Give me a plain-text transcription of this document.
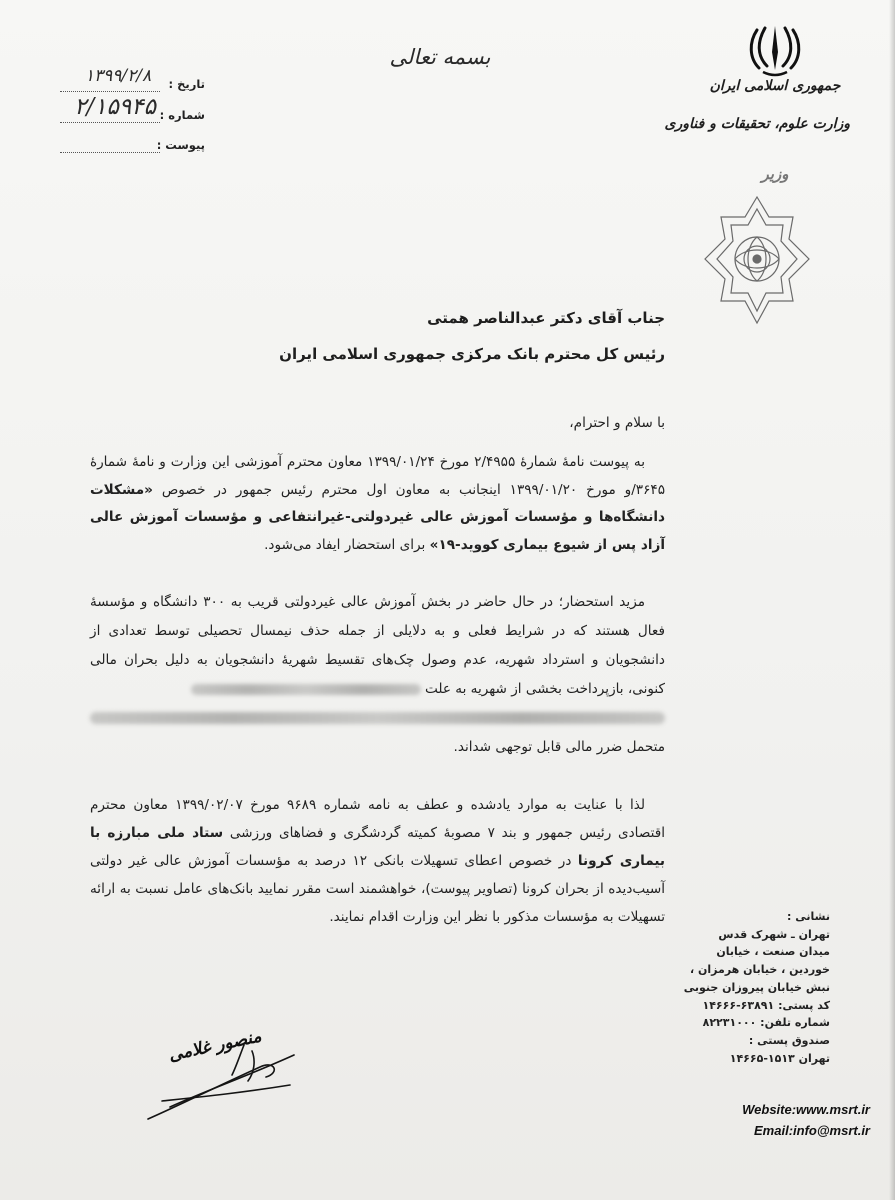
جمهوری اسلامی ایران
وزارت علوم، تحقیقات و فناوری
وزیر
بسمه تعالی
تاریخ :
۱۳۹۹/۲/۸
شماره :
۲/۱۵۹۴۵
پیوست :
جناب آقای دکتر عبدالناصر همتی
رئیس کل محترم بانک مرکزی جمهوری اسلامی ایران
با سلام و احترام،

به پیوست نامهٔ شمارهٔ ۲/۴۹۵۵ مورخ ۱۳۹۹/۰۱/۲۴ معاون محترم آموزشی این وزارت و نامهٔ شمارهٔ ۳۶۴۵/و مورخ ۱۳۹۹/۰۱/۲۰ اینجانب به معاون اول محترم رئیس جمهور در خصوص «مشکلات دانشگاه‌ها و مؤسسات آموزش عالی غیردولتی-غیرانتفاعی و مؤسسات آموزش عالی آزاد پس از شیوع بیماری کووید-۱۹» برای استحضار ایفاد می‌شود.

مزید استحضار؛ در حال حاضر در بخش آموزش عالی غیردولتی قریب به ۳۰۰ دانشگاه و مؤسسهٔ فعال هستند که در شرایط فعلی و به دلایلی از جمله حذف نیمسال تحصیلی توسط تعدادی از دانشجویان و استرداد شهریه، عدم وصول چک‌های تقسیط شهریهٔ دانشجویان به دلیل بحران مالی کنونی، بازپرداخت بخشی از شهریه به علت

متحمل ضرر مالی قابل توجهی شداند.

لذا با عنایت به موارد یادشده و عطف به نامه شماره ۹۶۸۹ مورخ ۱۳۹۹/۰۲/۰۷ معاون محترم اقتصادی رئیس جمهور و بند ۷ مصوبهٔ کمیته گردشگری و فضاهای ورزشی ستاد ملی مبارزه با بیماری کرونا در خصوص اعطای تسهیلات بانکی ۱۲ درصد به مؤسسات آموزش عالی غیر دولتی آسیب‌دیده از بحران کرونا (تصاویر پیوست)، خواهشمند است مقرر نمایید بانک‌های عامل نسبت به ارائه تسهیلات به مؤسسات مذکور با نظر این وزارت اقدام نمایند.

منصور غلامی
نشانی :
تهران ـ شهرک قدس
میدان صنعت ، خیابان
خوردین ، خیابان هرمزان ،
نبش خیابان پیروزان جنوبی
کد پستی: ۶۳۸۹۱-۱۴۶۶۶
شماره تلفن: ۸۲۲۳۱۰۰۰
صندوق پستی :
تهران ۱۵۱۳-۱۴۶۶۵
Website:www.msrt.ir
Email:info@msrt.ir
